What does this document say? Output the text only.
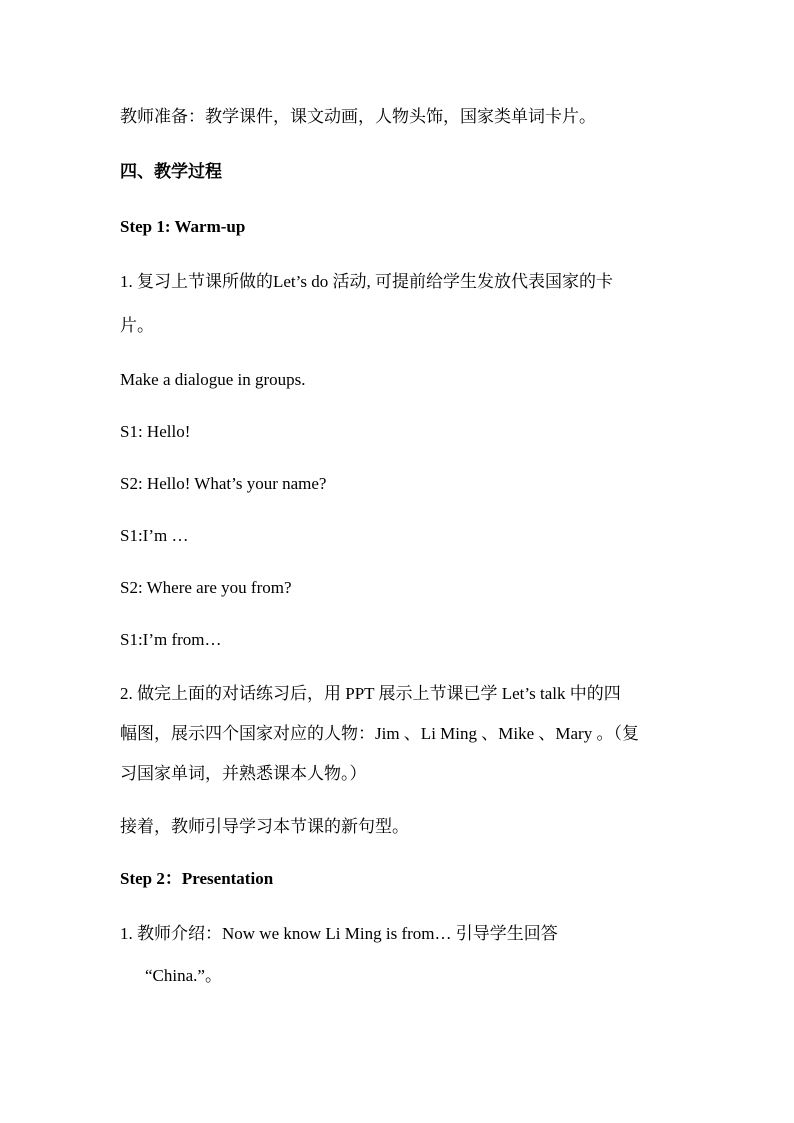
教师准备：教学课件，课文动画，人物头饰，国家类单词卡片。
四、教学过程
Step 1: Warm-up
1. 复习上节课所做的Let’s do 活动, 可提前给学生发放代表国家的卡
片。
Make a dialogue in groups.
S1: Hello!
S2: Hello! What’s your name?
S1:I’m …
S2: Where are you from?
S1:I’m from…
2. 做完上面的对话练习后，用 PPT 展示上节课已学 Let’s talk 中的四
幅图，展示四个国家对应的人物：Jim 、Li Ming 、Mike 、Mary 。（复
习国家单词，并熟悉课本人物。）
接着，教师引导学习本节课的新句型。
Step 2：Presentation
1. 教师介绍：Now we know Li Ming is from… 引导学生回答
“China.”。
